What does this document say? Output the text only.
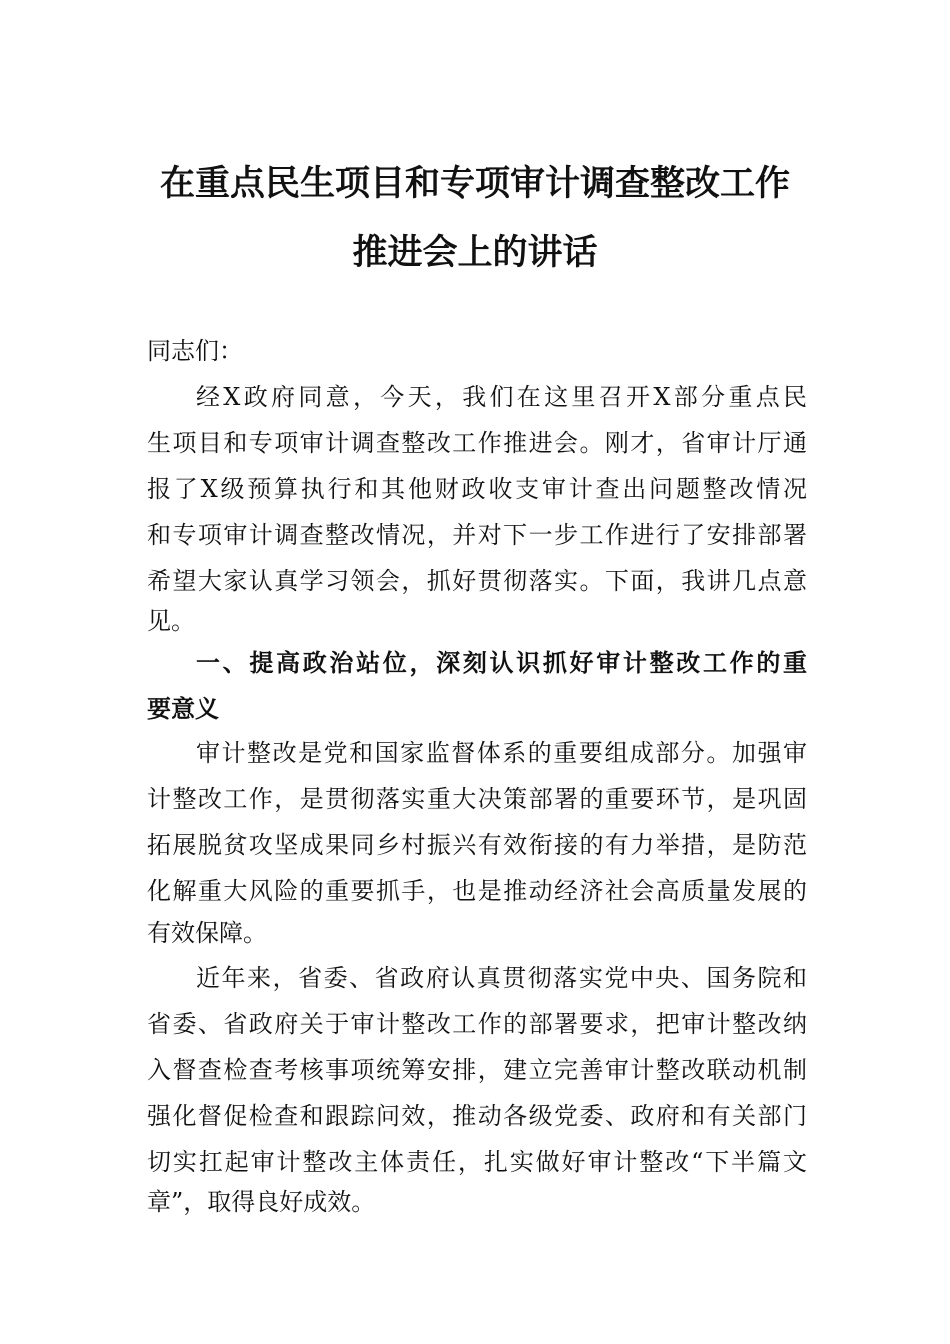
在重点民生项目和专项审计调查整改工作
推进会上的讲话
同志们：
经X政府同意，今天，我们在这里召开X部分重点民
生项目和专项审计调查整改工作推进会。刚才，省审计厅通
报了X级预算执行和其他财政收支审计查出问题整改情况
和专项审计调查整改情况，并对下一步工作进行了安排部署
希望大家认真学习领会，抓好贯彻落实。下面，我讲几点意
见。
一、提高政治站位，深刻认识抓好审计整改工作的重
要意义
审计整改是党和国家监督体系的重要组成部分。加强审
计整改工作，是贯彻落实重大决策部署的重要环节，是巩固
拓展脱贫攻坚成果同乡村振兴有效衔接的有力举措，是防范
化解重大风险的重要抓手，也是推动经济社会高质量发展的
有效保障。
近年来，省委、省政府认真贯彻落实党中央、国务院和
省委、省政府关于审计整改工作的部署要求，把审计整改纳
入督查检查考核事项统筹安排，建立完善审计整改联动机制
强化督促检查和跟踪问效，推动各级党委、政府和有关部门
切实扛起审计整改主体责任，扎实做好审计整改“下半篇文
章”，取得良好成效。
